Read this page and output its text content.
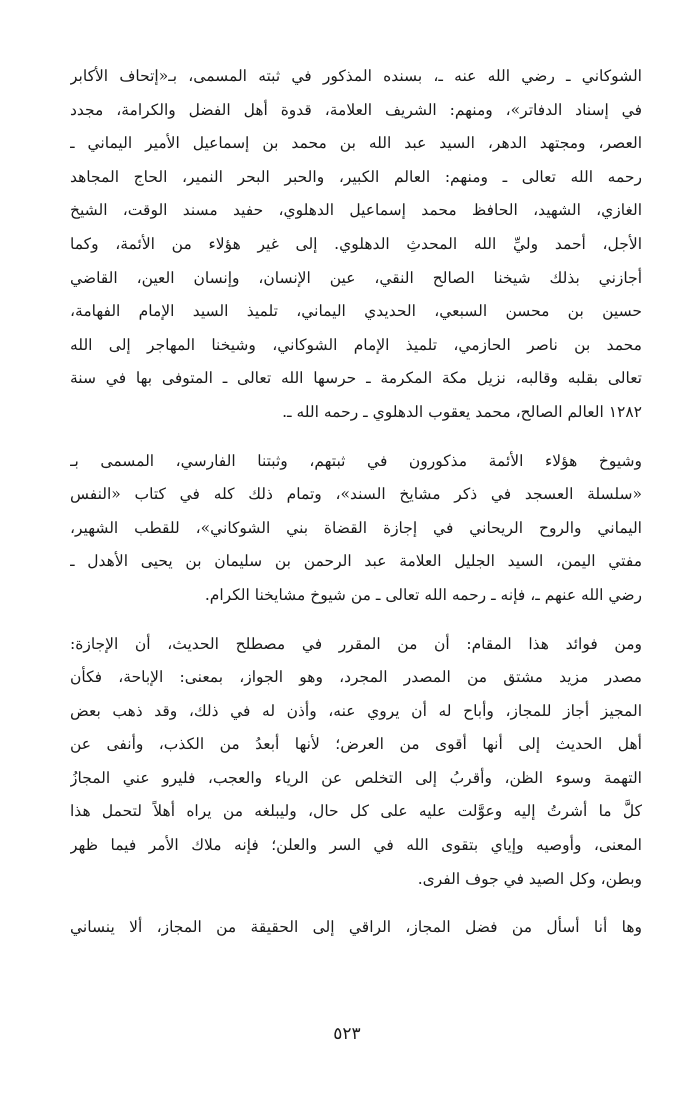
الشوكاني ـ رضي الله عنه ـ، بسنده المذكور في ثبته المسمى، بـ«إتحاف الأكابر
في إسناد الدفاتر»، ومنهم: الشريف العلامة، قدوة أهل الفضل والكرامة، مجدد
العصر، ومجتهد الدهر، السيد عبد الله بن محمد بن إسماعيل الأمير اليماني ـ
رحمه الله تعالى ـ ومنهم: العالم الكبير، والحبر البحر النمير، الحاج المجاهد
الغازي، الشهيد، الحافظ محمد إسماعيل الدهلوي، حفيد مسند الوقت، الشيخ
الأجل، أحمد وليِّ الله المحدثِ الدهلوي. إلى غير هؤلاء من الأئمة، وكما
أجازني بذلك شيخنا الصالح النقي، عين الإنسان، وإنسان العين، القاضي
حسين بن محسن السبعي، الحديدي اليماني، تلميذ السيد الإمام الفهامة،
محمد بن ناصر الحازمي، تلميذ الإمام الشوكاني، وشيخنا المهاجر إلى الله
تعالى بقلبه وقالبه، نزيل مكة المكرمة ـ حرسها الله تعالى ـ المتوفى بها في سنة
١٢٨٢ العالم الصالح، محمد يعقوب الدهلوي ـ رحمه الله ـ.
وشيوخ هؤلاء الأئمة مذكورون في ثبتهم، وثبتنا الفارسي، المسمى بـ
«سلسلة العسجد في ذكر مشايخ السند»، وتمام ذلك كله في كتاب «النفس
اليماني والروح الريحاني في إجازة القضاة بني الشوكاني»، للقطب الشهير،
مفتي اليمن، السيد الجليل العلامة عبد الرحمن بن سليمان بن يحيى الأهدل ـ
رضي الله عنهم ـ، فإنه ـ رحمه الله تعالى ـ من شيوخ مشايخنا الكرام.
ومن فوائد هذا المقام: أن من المقرر في مصطلح الحديث، أن الإجازة:
مصدر مزيد مشتق من المصدر المجرد، وهو الجواز، بمعنى: الإباحة، فكأن
المجيز أجاز للمجاز، وأباح له أن يروي عنه، وأذن له في ذلك، وقد ذهب بعض
أهل الحديث إلى أنها أقوى من العرض؛ لأنها أبعدُ من الكذب، وأنفى عن
التهمة وسوء الظن، وأقربُ إلى التخلص عن الرياء والعجب، فليرو عني المجازُ
كلَّ ما أشرتُ إليه وعوَّلت عليه على كل حال، وليبلغه من يراه أهلاً لتحمل هذا
المعنى، وأوصيه وإياي بتقوى الله في السر والعلن؛ فإنه ملاك الأمر فيما ظهر
وبطن، وكل الصيد في جوف الفرى.
وها أنا أسأل من فضل المجاز، الراقي إلى الحقيقة من المجاز، ألا ينساني
٥٢٣
